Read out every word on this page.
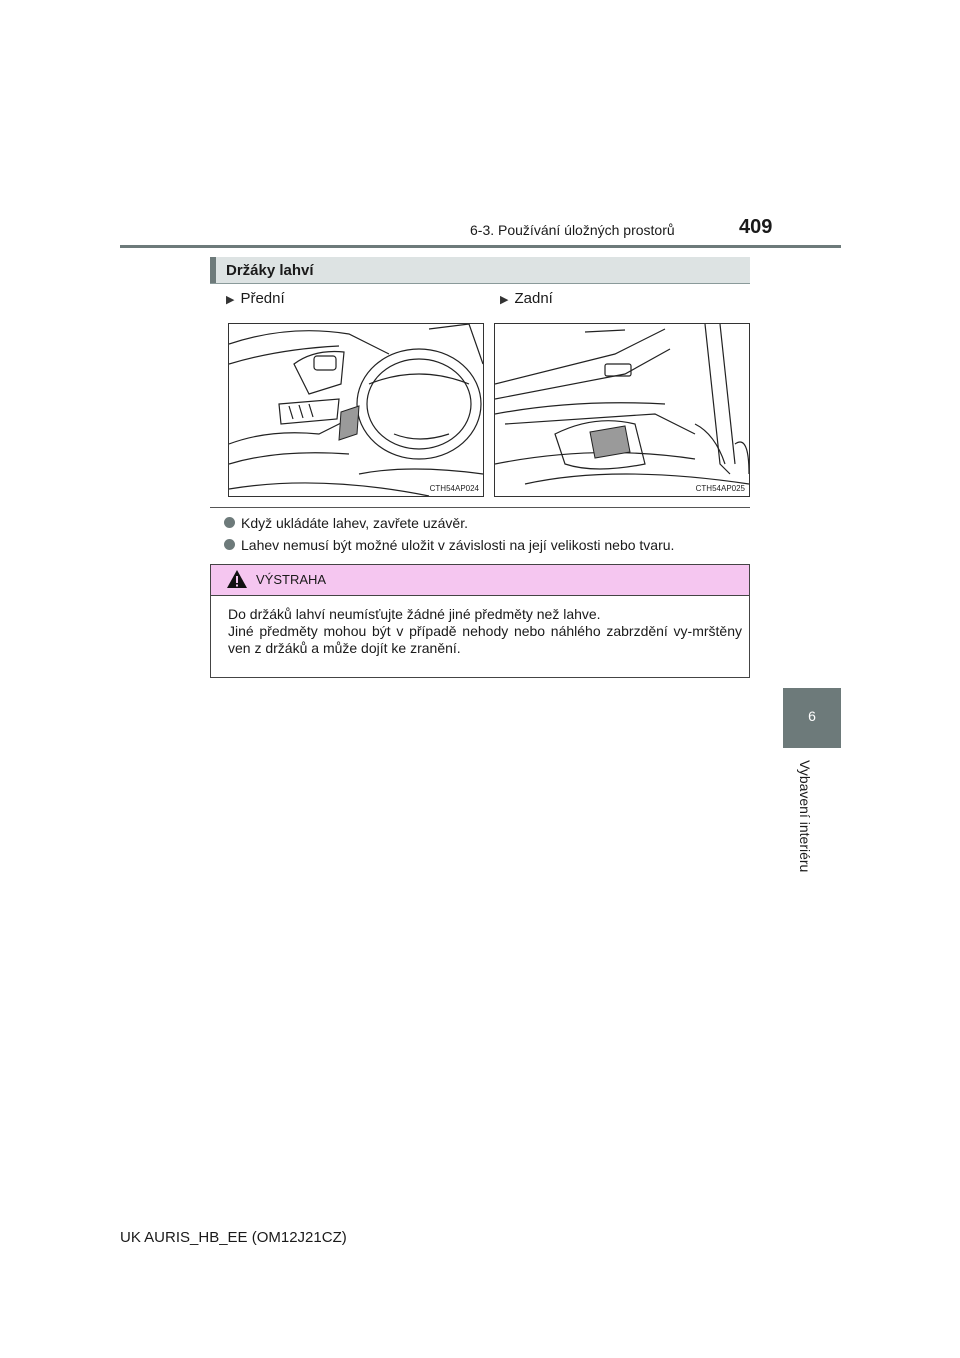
6-3. Používání úložných prostorů	409
6
Vybavení interiéru
Držáky lahví
▶ Přední	▶ Zadní
CTH54AP024	CTH54AP025
Když ukládáte lahev, zavřete uzávěr.
Lahev nemusí být možné uložit v závislosti na její velikosti nebo tvaru.
VÝSTRAHA
Do držáků lahví neumísťujte žádné jiné předměty než lahve.
Jiné předměty mohou být v případě nehody nebo náhlého zabrzdění vy-mrštěny ven z držáků a může dojít ke zranění.
UK AURIS_HB_EE (OM12J21CZ)
